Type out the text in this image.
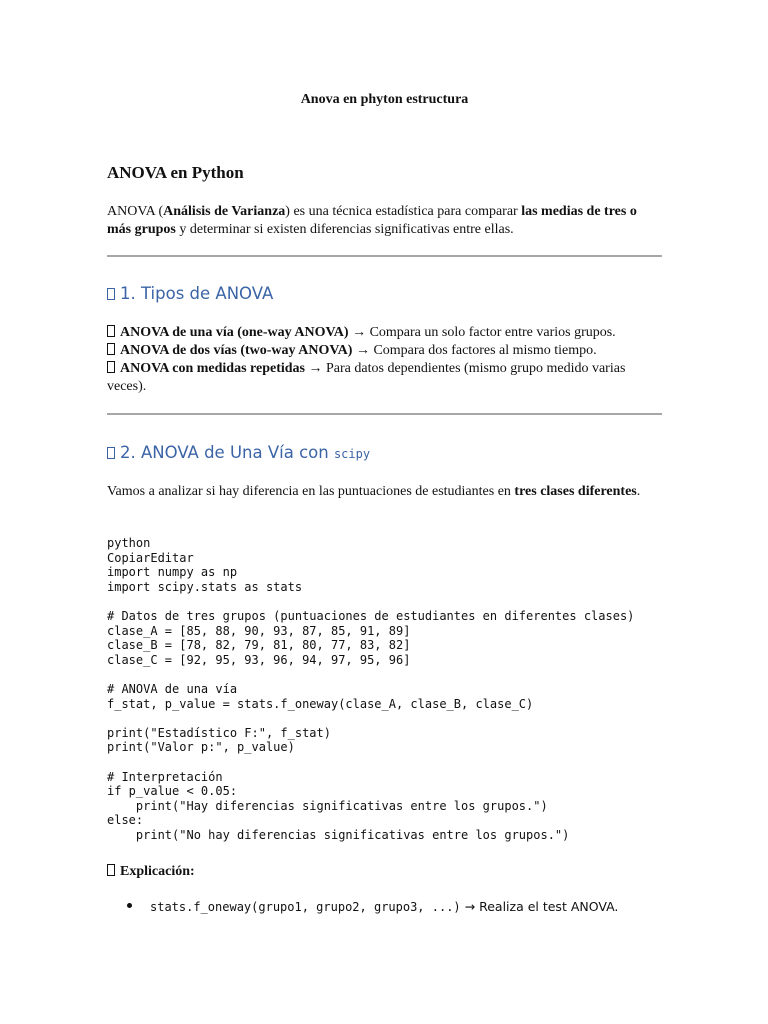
Anova en phyton estructura
ANOVA en Python
ANOVA (Análisis de Varianza) es una técnica estadística para comparar las medias de tres o más grupos y determinar si existen diferencias significativas entre ellas.
1. Tipos de ANOVA
ANOVA de una vía (one-way ANOVA) → Compara un solo factor entre varios grupos.
ANOVA de dos vías (two-way ANOVA) → Compara dos factores al mismo tiempo.
ANOVA con medidas repetidas → Para datos dependientes (mismo grupo medido varias veces).
2. ANOVA de Una Vía con scipy
Vamos a analizar si hay diferencia en las puntuaciones de estudiantes en tres clases diferentes.
python
CopiarEditar
import numpy as np
import scipy.stats as stats

# Datos de tres grupos (puntuaciones de estudiantes en diferentes clases)
clase_A = [85, 88, 90, 93, 87, 85, 91, 89]
clase_B = [78, 82, 79, 81, 80, 77, 83, 82]
clase_C = [92, 95, 93, 96, 94, 97, 95, 96]

# ANOVA de una vía
f_stat, p_value = stats.f_oneway(clase_A, clase_B, clase_C)

print("Estadístico F:", f_stat)
print("Valor p:", p_value)

# Interpretación
if p_value < 0.05:
print("Hay diferencias significativas entre los grupos.")
else:
print("No hay diferencias significativas entre los grupos.")
Explicación:
stats.f_oneway(grupo1, grupo2, grupo3, ...) → Realiza el test ANOVA.
